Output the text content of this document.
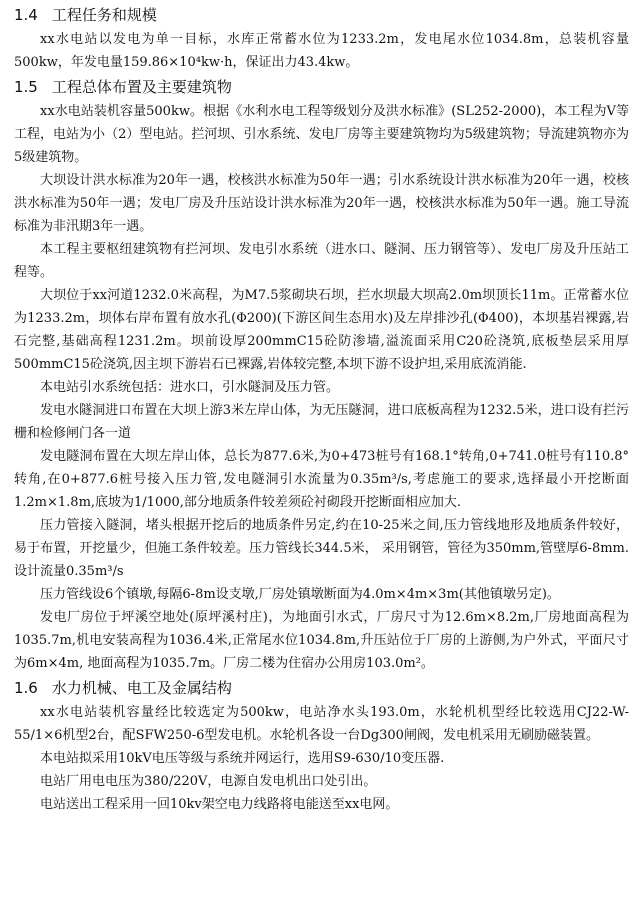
1.4 工程任务和规模

xx水电站以发电为单一目标，水库正常蓄水位为1233.2m，发电尾水位1034.8m，总装机容量500kw，年发电量159.86×10⁴kw·h，保证出力43.4kw。

1.5 工程总体布置及主要建筑物

xx水电站装机容量500kw。根据《水利水电工程等级划分及洪水标准》(SL252-2000)，本工程为V等工程，电站为小（2）型电站。拦河坝、引水系统、发电厂房等主要建筑物均为5级建筑物；导流建筑物亦为5级建筑物。

大坝设计洪水标准为20年一遇，校核洪水标准为50年一遇；引水系统设计洪水标准为20年一遇，校核洪水标准为50年一遇；发电厂房及升压站设计洪水标准为20年一遇，校核洪水标准为50年一遇。施工导流标准为非汛期3年一遇。

本工程主要枢纽建筑物有拦河坝、发电引水系统（进水口、隧洞、压力钢管等）、发电厂房及升压站工程等。

大坝位于xx河道1232.0米高程，为M7.5浆砌块石坝，拦水坝最大坝高2.0m坝顶长11m。正常蓄水位为1233.2m，坝体右岸布置有放水孔(Φ200)(下游区间生态用水)及左岸排沙孔(Φ400)，本坝基岩裸露,岩石完整,基础高程1231.2m。坝前设厚200mmC15砼防渗墙,溢流面采用C20砼浇筑,底板垫层采用厚500mmC15砼浇筑,因主坝下游岩石已裸露,岩体较完整,本坝下游不设护坦,采用底流消能.

本电站引水系统包括：进水口，引水隧洞及压力管。

发电水隧洞进口布置在大坝上游3米左岸山体，为无压隧洞，进口底板高程为1232.5米，进口设有拦污栅和检修闸门各一道

发电隧洞布置在大坝左岸山体，总长为877.6米,为0+473桩号有168.1°转角,0+741.0桩号有110.8°转角,在0+877.6桩号接入压力管,发电隧洞引水流量为0.35m³/s,考虑施工的要求,选择最小开挖断面1.2m×1.8m,底坡为1/1000,部分地质条件较差须砼衬砌段开挖断面相应加大.

压力管接入隧洞，堵头根据开挖后的地质条件另定,约在10-25米之间,压力管线地形及地质条件较好，易于布置，开挖量少，但施工条件较差。压力管线长344.5米， 采用钢管，管径为350mm,管壁厚6-8mm.设计流量0.35m³/s

压力管线设6个镇墩,每隔6-8m设支墩,厂房处镇墩断面为4.0m×4m×3m(其他镇墩另定)。

发电厂房位于坪溪空地处(原坪溪村庄)，为地面引水式，厂房尺寸为12.6m×8.2m,厂房地面高程为1035.7m,机电安装高程为1036.4米,正常尾水位1034.8m,升压站位于厂房的上游侧,为户外式，平面尺寸为6m×4m, 地面高程为1035.7m。厂房二楼为住宿办公用房103.0m²。

1.6 水力机械、电工及金属结构

xx水电站装机容量经比较选定为500kw，电站净水头193.0m，水轮机机型经比较选用CJ22-W-55/1×6机型2台，配SFW250-6型发电机。水轮机各设一台Dg300闸阀，发电机采用无刷励磁装置。

本电站拟采用10kV电压等级与系统并网运行，选用S9-630/10变压器.

电站厂用电电压为380/220V，电源自发电机出口处引出。

电站送出工程采用一回10kv架空电力线路将电能送至xx电网。
